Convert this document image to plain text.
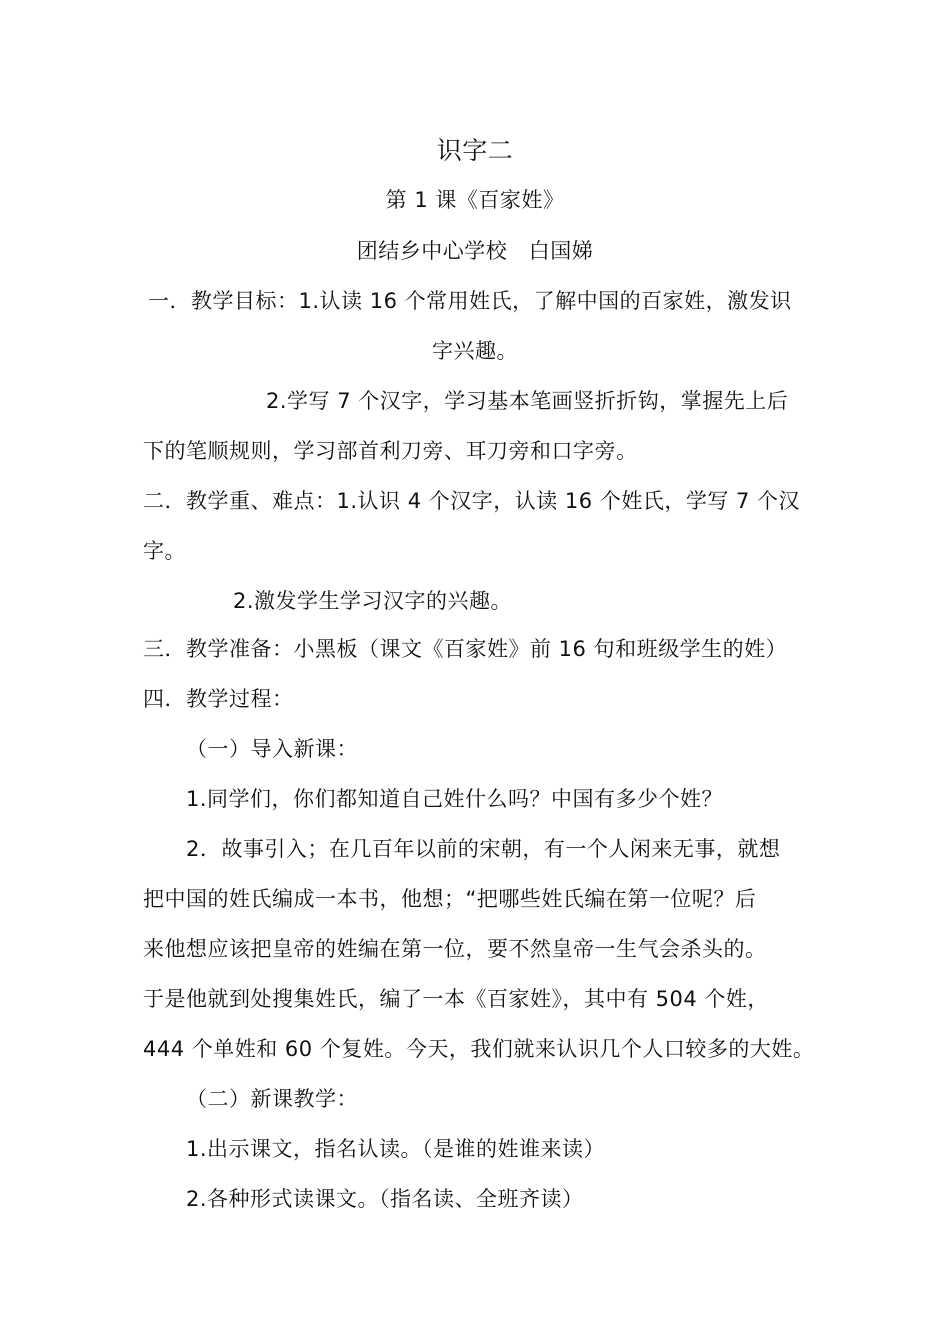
识字二
第 1 课《百家姓》
团结乡中心学校　白国娣
一．教学目标：1.认读 16 个常用姓氏，了解中国的百家姓，激发识
字兴趣。
2.学写 7 个汉字，学习基本笔画竖折折钩，掌握先上后
下的笔顺规则，学习部首利刀旁、耳刀旁和口字旁。
二．教学重、难点：1.认识 4 个汉字，认读 16 个姓氏，学写 7 个汉
字。
2.激发学生学习汉字的兴趣。
三．教学准备：小黑板（课文《百家姓》前 16 句和班级学生的姓）
四．教学过程：
（一）导入新课：
1.同学们，你们都知道自己姓什么吗？中国有多少个姓？
2．故事引入；在几百年以前的宋朝，有一个人闲来无事，就想
把中国的姓氏编成一本书，他想；“把哪些姓氏编在第一位呢？后
来他想应该把皇帝的姓编在第一位，要不然皇帝一生气会杀头的。
于是他就到处搜集姓氏，编了一本《百家姓》，其中有 504 个姓，
444 个单姓和 60 个复姓。今天，我们就来认识几个人口较多的大姓。
（二）新课教学：
1.出示课文，指名认读。（是谁的姓谁来读）
2.各种形式读课文。（指名读、全班齐读）
